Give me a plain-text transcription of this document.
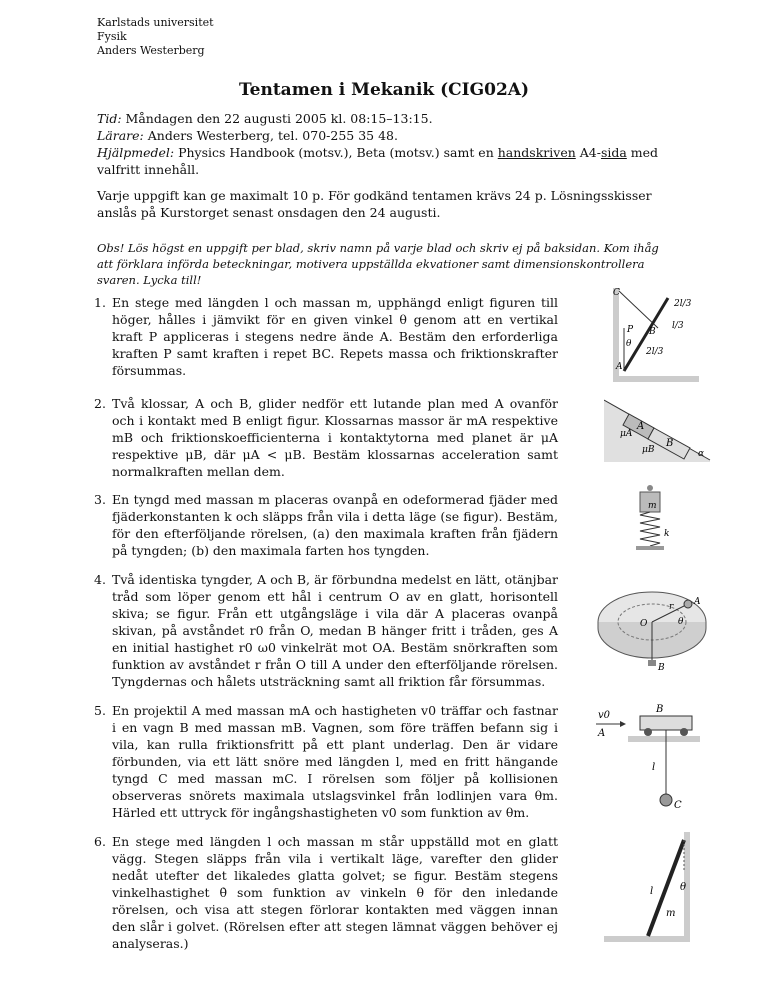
Karlstads universitet
Fysik
Anders Westerberg
Tentamen i Mekanik (CIG02A)
Tid: Måndagen den 22 augusti 2005 kl. 08:15–13:15.
Lärare: Anders Westerberg, tel. 070-255 35 48.
Hjälpmedel: Physics Handbook (motsv.), Beta (motsv.) samt en handskriven A4-sida med valfritt innehåll.
Varje uppgift kan ge maximalt 10 p. För godkänd tentamen krävs 24 p. Lösningsskisser anslås på Kurstorget senast onsdagen den 24 augusti.
Obs! Lös högst en uppgift per blad, skriv namn på varje blad och skriv ej på baksidan. Kom ihåg att förklara införda beteckningar, motivera uppställda ekvationer samt dimensionskontrollera svaren. Lycka till!
1. En stege med längden l och massan m, upphängd enligt figuren till höger, hålles i jämvikt för en given vinkel θ genom att en vertikal kraft P appliceras i stegens nedre ände A. Bestäm den erforderliga kraften P samt kraften i repet BC. Repets massa och friktionskrafter försummas.
2. Två klossar, A och B, glider nedför ett lutande plan med A ovanför och i kontakt med B enligt figur. Klossarnas massor är mA respektive mB och friktionskoefficienterna i kontaktytorna med planet är μA respektive μB, där μA < μB. Bestäm klossarnas acceleration samt normalkraften mellan dem.
3. En tyngd med massan m placeras ovanpå en odeformerad fjäder med fjäderkonstanten k och släpps från vila i detta läge (se figur). Bestäm, för den efterföljande rörelsen, (a) den maximala kraften från fjädern på tyngden; (b) den maximala farten hos tyngden.
4. Två identiska tyngder, A och B, är förbundna medelst en lätt, otänjbar tråd som löper genom ett hål i centrum O av en glatt, horisontell skiva; se figur. Från ett utgångsläge i vila där A placeras ovanpå skivan, på avståndet r0 från O, medan B hänger fritt i tråden, ges A en initial hastighet r0 ω0 vinkelrät mot OA. Bestäm snörkraften som funktion av avståndet r från O till A under den efterföljande rörelsen. Tyngdernas och hålets utsträckning samt all friktion får försummas.
5. En projektil A med massan mA och hastigheten v0 träffar och fastnar i en vagn B med massan mB. Vagnen, som före träffen befann sig i vila, kan rulla friktionsfritt på ett plant underlag. Den är vidare förbunden, via ett lätt snöre med längden l, med en fritt hängande tyngd C med massan mC. I rörelsen som följer på kollisionen observeras snörets maximala utslagsvinkel från lodlinjen vara θm. Härled ett uttryck för ingångshastigheten v0 som funktion av θm.
6. En stege med längden l och massan m står uppställd mot en glatt vägg. Stegen släpps från vila i vertikalt läge, varefter den glider nedåt utefter det likaledes glatta golvet; se figur. Bestäm stegens vinkelhastighet θ̇ som funktion av vinkeln θ för den inledande rörelsen, och visa att stegen förlorar kontakten med väggen innan den slår i golvet. (Rörelsen efter att stegen lämnat väggen behöver ej analyseras.)
C
P B
θ
A
2l/3
l/3
2l/3
A
B
μA
μB	α
m
k
O
r A
θ
B
v0
A
B
l
C
l	θ
m
